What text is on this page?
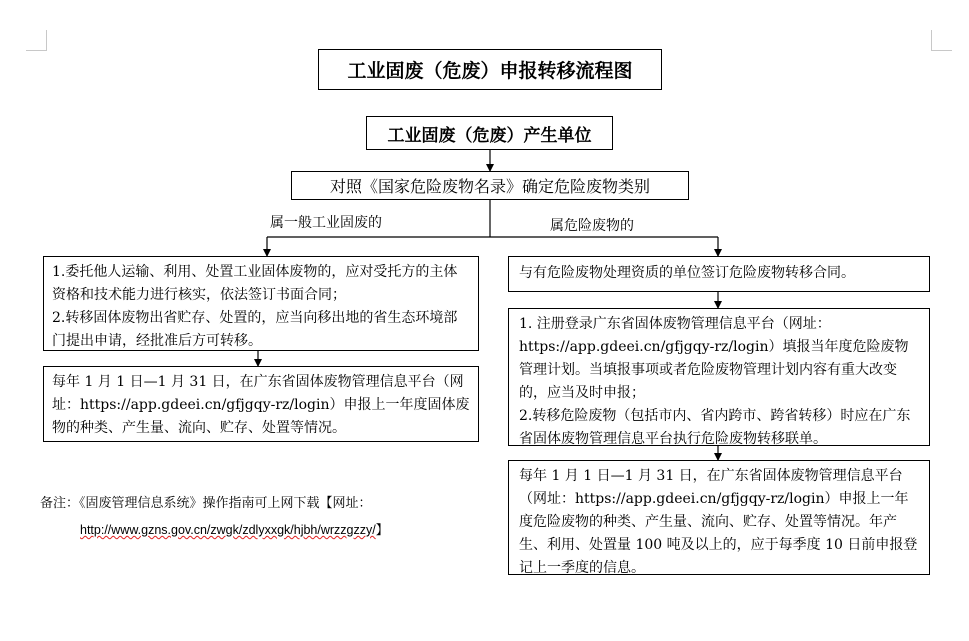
工业固废（危废）申报转移流程图
工业固废（危废）产生单位
对照《国家危险废物名录》确定危险废物类别
属一般工业固废的	属危险废物的

1.委托他人运输、利用、处置工业固体废物的，应对受托方的主体资格和技术能力进行核实，依法签订书面合同；

2.转移固体废物出省贮存、处置的，应当向移出地的省生态环境部门提出申请，经批准后方可转移。

每年 1 月 1 日—1 月 31 日，在广东省固体废物管理信息平台（网址：https://app.gdeei.cn/gfjgqy-rz/login）申报上一年度固体废物的种类、产生量、流向、贮存、处置等情况。

与有危险废物处理资质的单位签订危险废物转移合同。

1. 注册登录广东省固体废物管理信息平台（网址：https://app.gdeei.cn/gfjgqy-rz/login）填报当年度危险废物管理计划。当填报事项或者危险废物管理计划内容有重大改变的，应当及时申报；

2.转移危险废物（包括市内、省内跨市、跨省转移）时应在广东省固体废物管理信息平台执行危险废物转移联单。

每年 1 月 1 日—1 月 31 日，在广东省固体废物管理信息平台（网址：https://app.gdeei.cn/gfjgqy-rz/login）申报上一年度危险废物的种类、产生量、流向、贮存、处置等情况。年产生、利用、处置量 100 吨及以上的，应于每季度 10 日前申报登记上一季度的信息。

备注：《固废管理信息系统》操作指南可上网下载【网址：
http://www.gzns.gov.cn/zwgk/zdlyxxgk/hjbh/wrzzgzzy/】
